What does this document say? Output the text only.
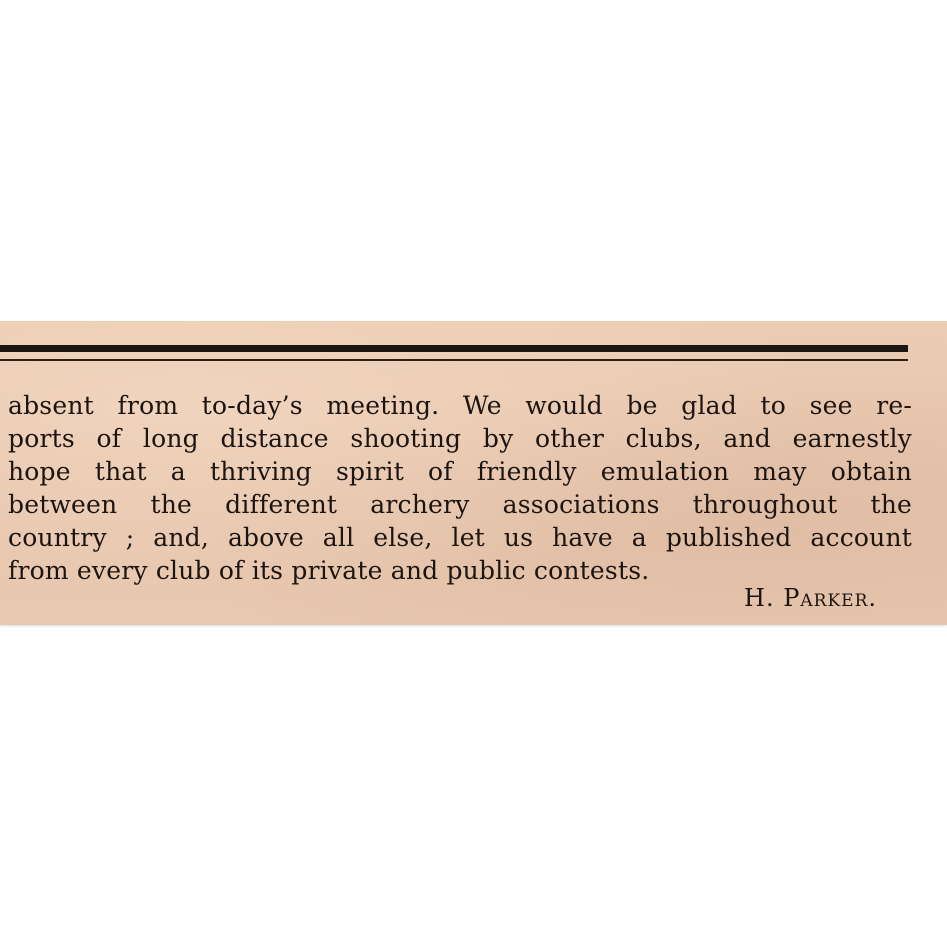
absent from to-day’s meeting. We would be glad to see re-
ports of long distance shooting by other clubs, and earnestly
hope that a thriving spirit of friendly emulation may obtain
between the different archery associations throughout the
country ; and, above all else, let us have a published account
from every club of its private and public contests.
H. Parker.
